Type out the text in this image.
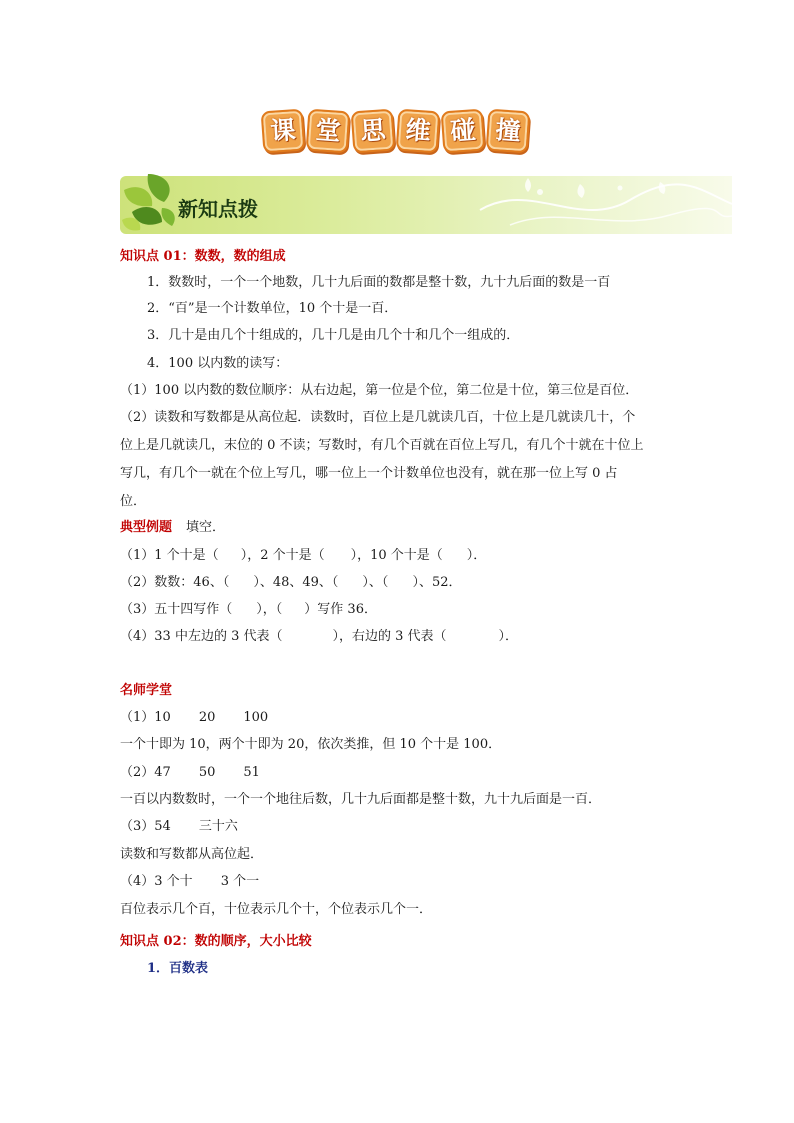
课 堂 思 维 碰 撞
新知点拨
知识点 01：数数，数的组成
1．数数时，一个一个地数，几十九后面的数都是整十数，九十九后面的数是一百
2．“百”是一个计数单位，10 个十是一百．
3．几十是由几个十组成的，几十几是由几个十和几个一组成的．
4．100 以内数的读写：
（1）100 以内数的数位顺序：从右边起，第一位是个位，第二位是十位，第三位是百位．
（2）读数和写数都是从高位起．读数时，百位上是几就读几百，十位上是几就读几十，个
位上是几就读几，末位的 0 不读；写数时，有几个百就在百位上写几，有几个十就在十位上
写几，有几个一就在个位上写几，哪一位上一个计数单位也没有，就在那一位上写 0 占
位．
典型例题 填空．
（1）1 个十是（ ），2 个十是（ ），10 个十是（ ）．
（2）数数：46、（ ）、48、49、（ ）、（ ）、52．
（3）五十四写作（ ），（ ）写作 36．
（4）33 中左边的 3 代表（	），右边的 3 代表（	）．
名师学堂
（1）10 20 100
一个十即为 10，两个十即为 20，依次类推，但 10 个十是 100．
（2）47 50 51
一百以内数数时，一个一个地往后数，几十九后面都是整十数，九十九后面是一百．
（3）54 三十六
读数和写数都从高位起．
（4）3 个十 3 个一
百位表示几个百，十位表示几个十，个位表示几个一．
知识点 02：数的顺序，大小比较
1．百数表
